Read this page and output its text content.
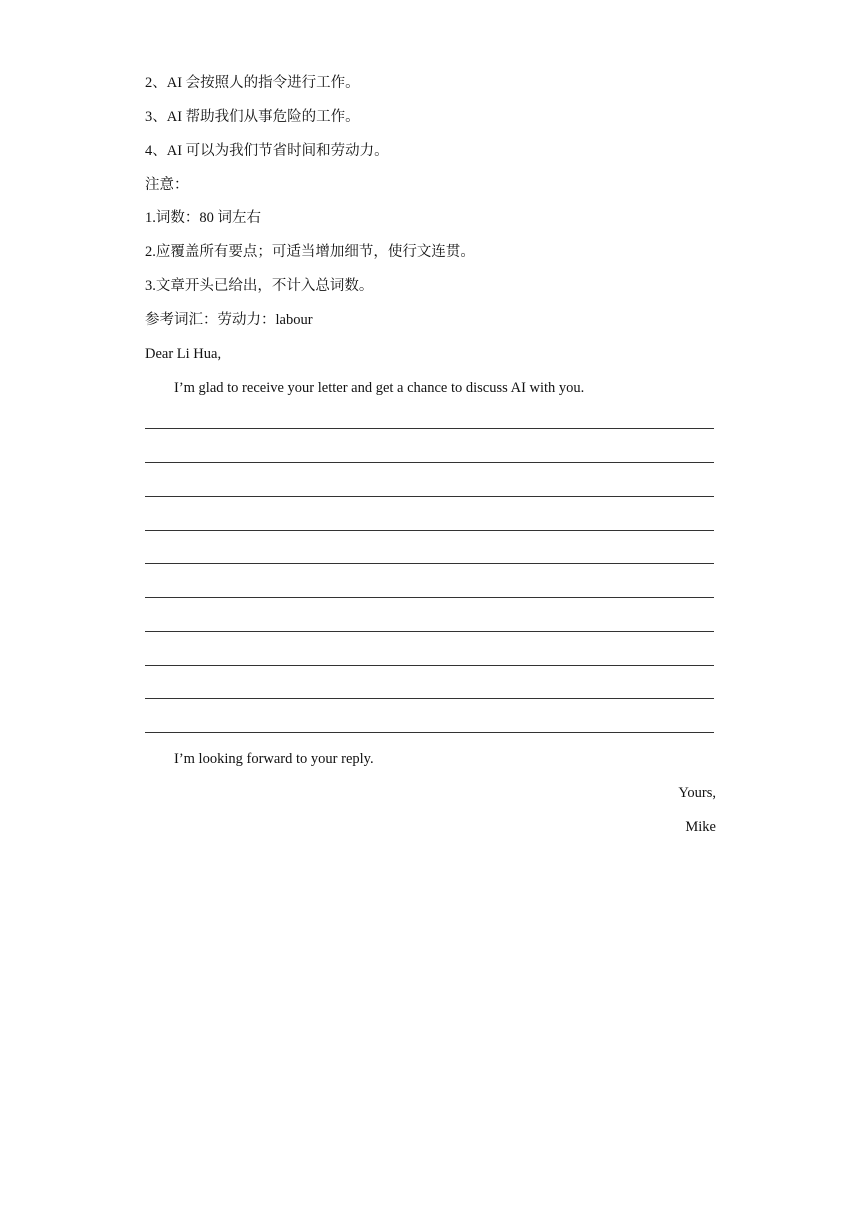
2、AI 会按照人的指令进行工作。
3、AI 帮助我们从事危险的工作。
4、AI 可以为我们节省时间和劳动力。
注意：
1.词数：80 词左右
2.应覆盖所有要点；可适当增加细节，使行文连贯。
3.文章开头已给出，不计入总词数。
参考词汇：劳动力：labour
Dear Li Hua,
I’m glad to receive your letter and get a chance to discuss AI with you.
I’m looking forward to your reply.
Yours,
Mike
